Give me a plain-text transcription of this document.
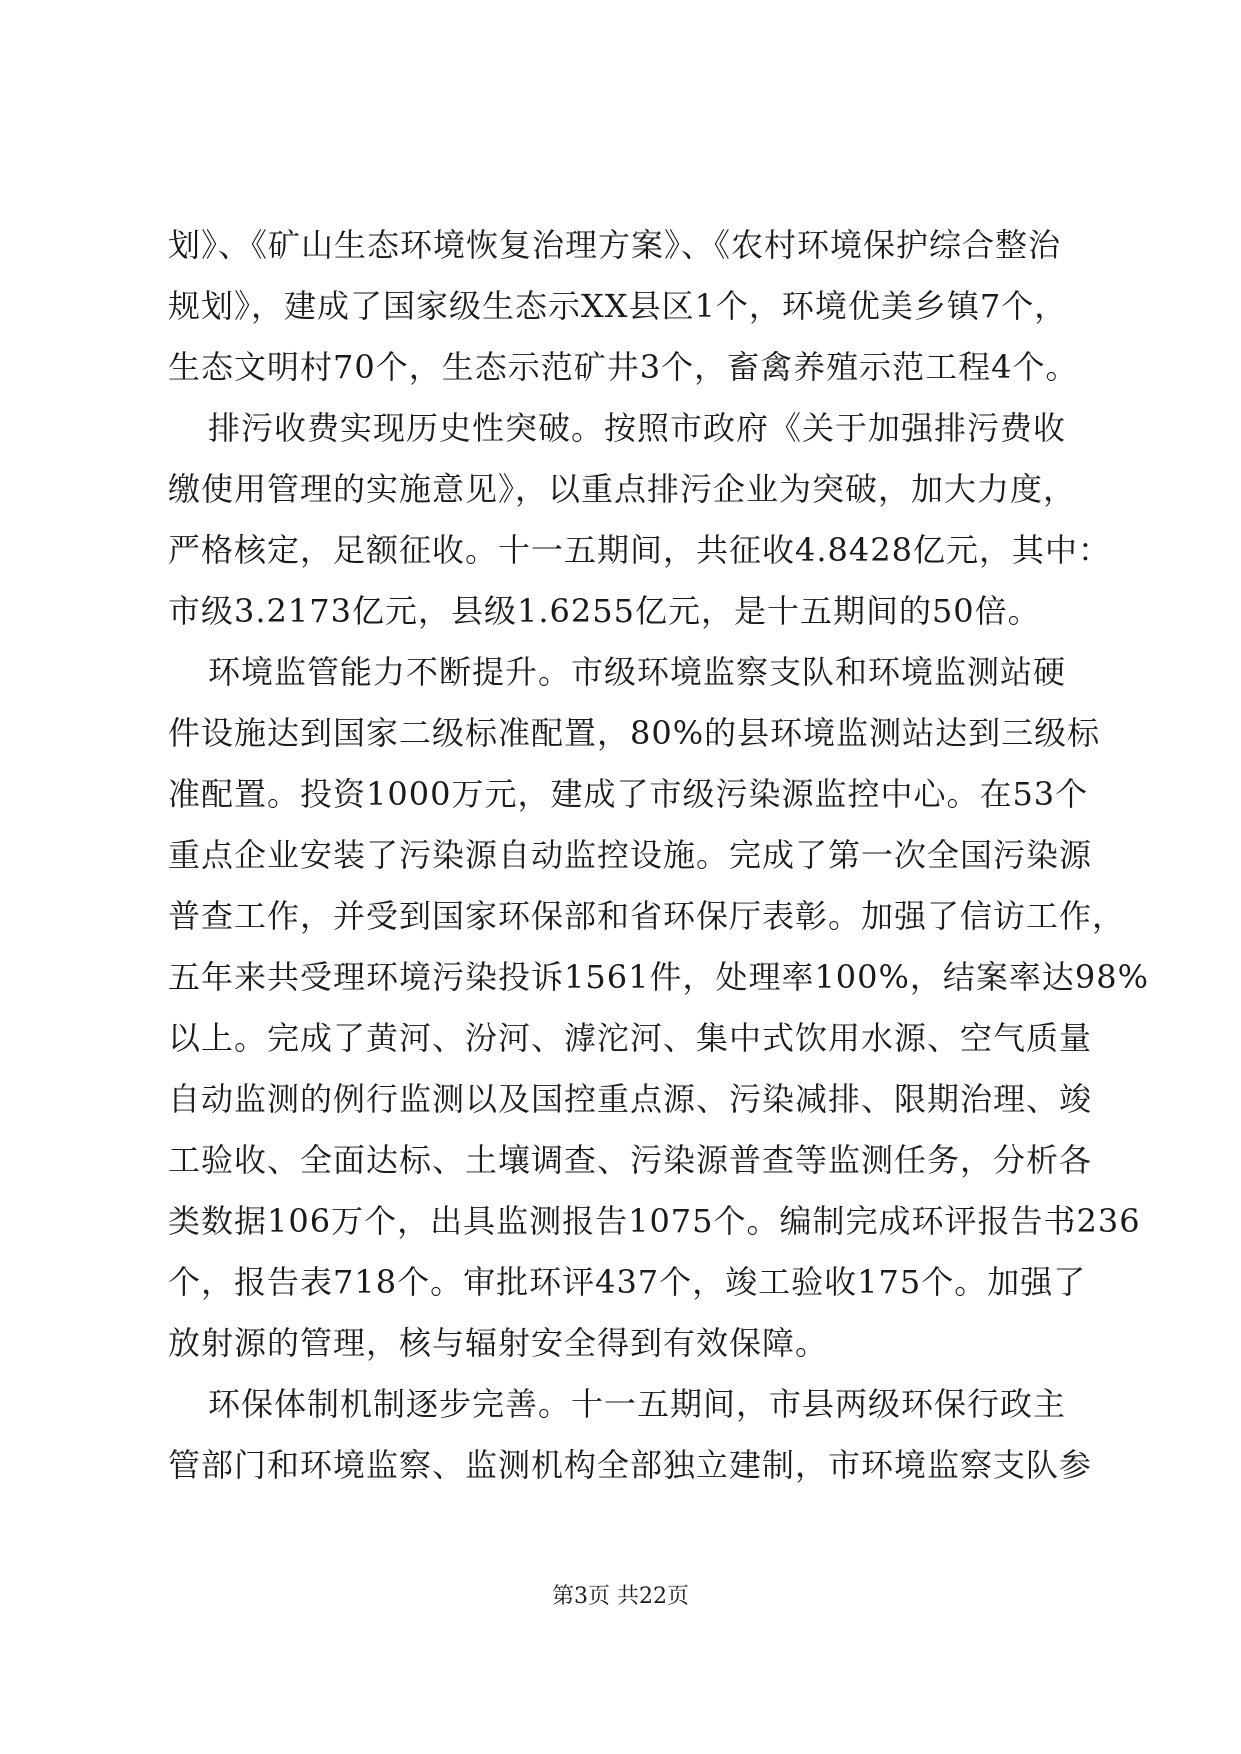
划》、《矿山生态环境恢复治理方案》、《农村环境保护综合整治
规划》，建成了国家级生态示XX县区1个，环境优美乡镇7个，
生态文明村70个，生态示范矿井3个，畜禽养殖示范工程4个。
排污收费实现历史性突破。按照市政府《关于加强排污费收
缴使用管理的实施意见》，以重点排污企业为突破，加大力度，
严格核定，足额征收。十一五期间，共征收4.8428亿元，其中：
市级3.2173亿元，县级1.6255亿元，是十五期间的50倍。
环境监管能力不断提升。市级环境监察支队和环境监测站硬
件设施达到国家二级标准配置，80%的县环境监测站达到三级标
准配置。投资1000万元，建成了市级污染源监控中心。在53个
重点企业安装了污染源自动监控设施。完成了第一次全国污染源
普查工作，并受到国家环保部和省环保厅表彰。加强了信访工作，
五年来共受理环境污染投诉1561件，处理率100%，结案率达98%
以上。完成了黄河、汾河、滹沱河、集中式饮用水源、空气质量
自动监测的例行监测以及国控重点源、污染减排、限期治理、竣
工验收、全面达标、土壤调查、污染源普查等监测任务，分析各
类数据106万个，出具监测报告1075个。编制完成环评报告书236
个，报告表718个。审批环评437个，竣工验收175个。加强了
放射源的管理，核与辐射安全得到有效保障。
环保体制机制逐步完善。十一五期间，市县两级环保行政主
管部门和环境监察、监测机构全部独立建制，市环境监察支队参
第3页 共22页
